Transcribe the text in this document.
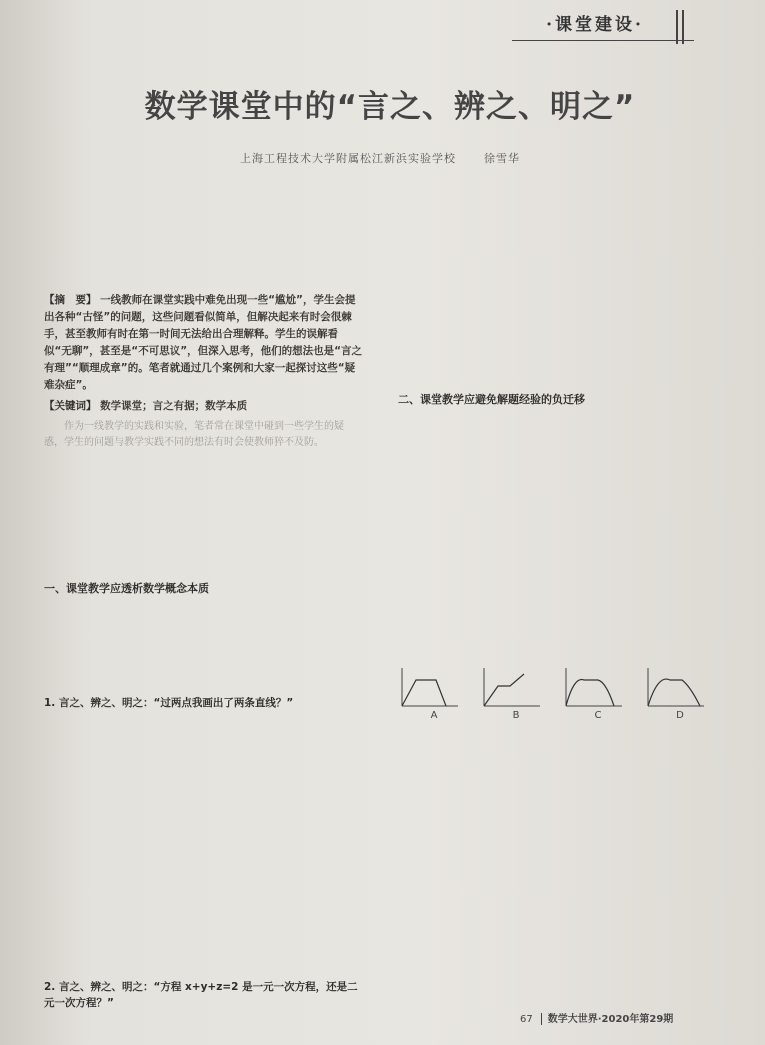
·课堂建设·
数学课堂中的“言之、辨之、明之”
上海工程技术大学附属松江新浜实验学校	徐雪华
【摘　要】 一线教师在课堂实践中难免出现一些“尴尬”，学生会提出各种“古怪”的问题，这些问题看似简单，但解决起来有时会很棘手，甚至教师有时在第一时间无法给出合理解释。学生的误解看似“无聊”，甚至是“不可思议”，但深入思考，他们的想法也是“言之有理”“顺理成章”的。笔者就通过几个案例和大家一起探讨这些“疑难杂症”。
【关键词】 数学课堂；言之有据；数学本质

作为一线教学的实践和实验，笔者常在课堂中碰到一些学生的疑惑，学生的问题与教学实践不同的想法有时会使教师猝不及防。

一、课堂教学应透析数学概念本质
1. 言之、辨之、明之：“过两点我画出了两条直线？”
2. 言之、辨之、明之：“方程 x+y+z=2 是一元一次方程，还是二元一次方程？”
二、课堂教学应避免解题经验的负迁移
A	B	C	D
67 数学大世界·2020年第29期
